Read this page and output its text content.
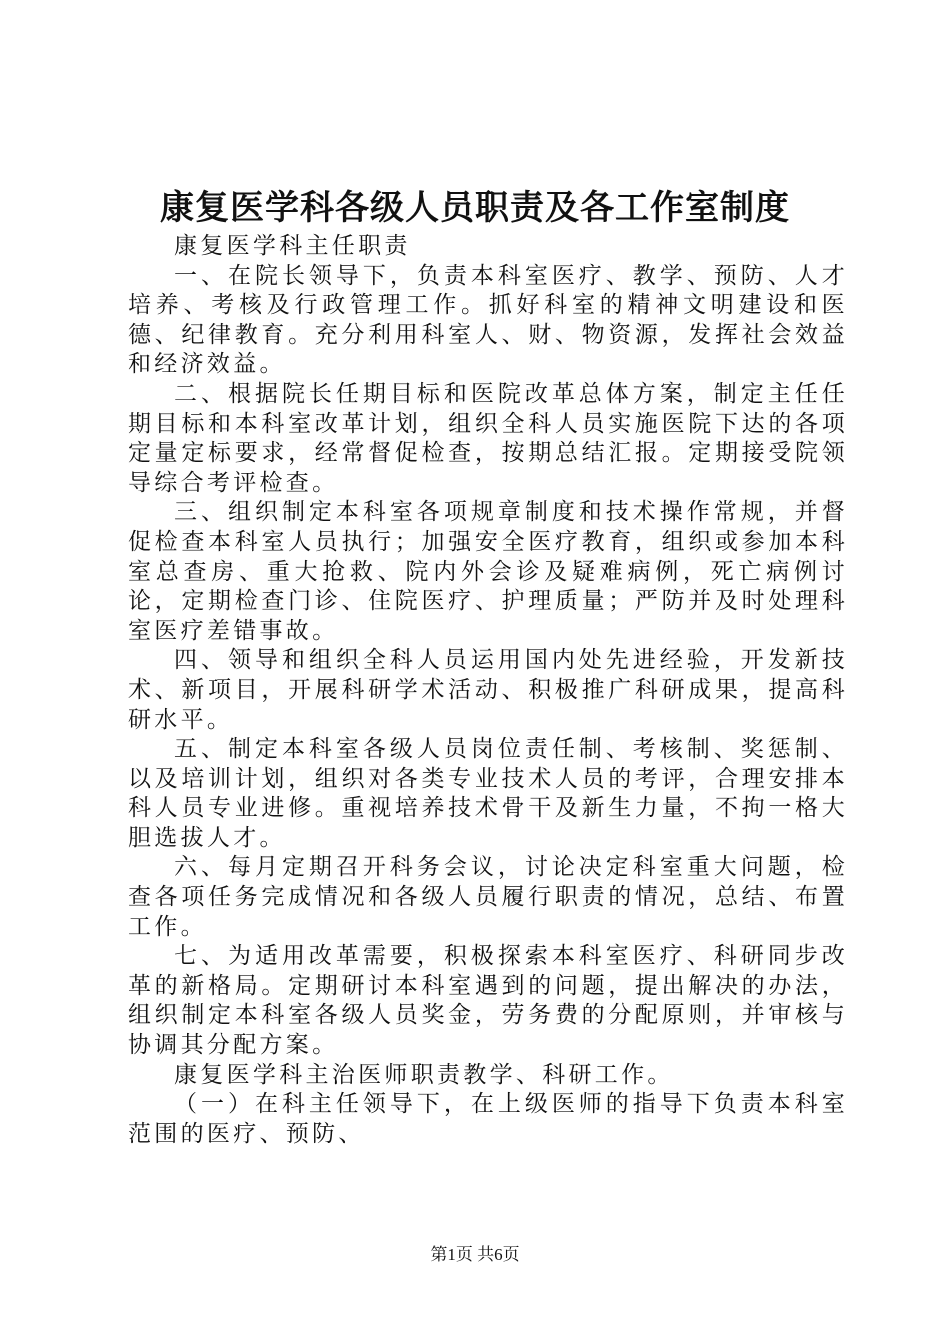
康复医学科各级人员职责及各工作室制度

康复医学科主任职责

一、在院长领导下，负责本科室医疗、教学、预防、人才培养、考核及行政管理工作。抓好科室的精神文明建设和医德、纪律教育。充分利用科室人、财、物资源，发挥社会效益和经济效益。

二、根据院长任期目标和医院改革总体方案，制定主任任期目标和本科室改革计划，组织全科人员实施医院下达的各项定量定标要求，经常督促检查，按期总结汇报。定期接受院领导综合考评检查。

三、组织制定本科室各项规章制度和技术操作常规，并督促检查本科室人员执行；加强安全医疗教育，组织或参加本科室总查房、重大抢救、院内外会诊及疑难病例，死亡病例讨论，定期检查门诊、住院医疗、护理质量；严防并及时处理科室医疗差错事故。

四、领导和组织全科人员运用国内处先进经验，开发新技术、新项目，开展科研学术活动、积极推广科研成果，提高科研水平。

五、制定本科室各级人员岗位责任制、考核制、奖惩制、以及培训计划，组织对各类专业技术人员的考评，合理安排本科人员专业进修。重视培养技术骨干及新生力量，不拘一格大胆选拔人才。

六、每月定期召开科务会议，讨论决定科室重大问题，检查各项任务完成情况和各级人员履行职责的情况，总结、布置工作。

七、为适用改革需要，积极探索本科室医疗、科研同步改革的新格局。定期研讨本科室遇到的问题，提出解决的办法，组织制定本科室各级人员奖金，劳务费的分配原则，并审核与协调其分配方案。

康复医学科主治医师职责教学、科研工作。

（一）在科主任领导下，在上级医师的指导下负责本科室范围的医疗、预防、

第1页 共6页
